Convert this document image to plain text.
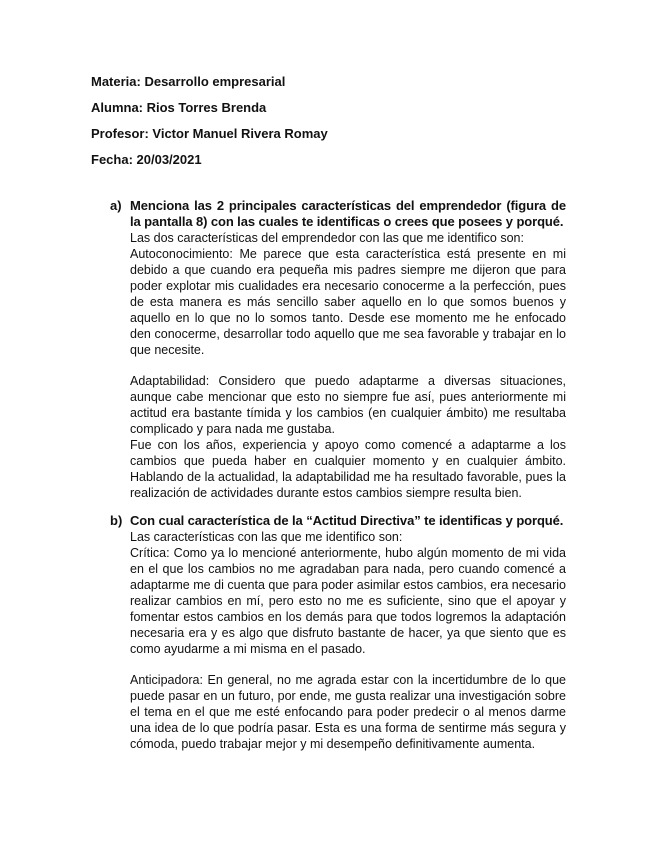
Materia: Desarrollo empresarial
Alumna: Rios Torres Brenda
Profesor: Victor Manuel Rivera Romay
Fecha: 20/03/2021
a) Menciona las 2 principales características del emprendedor (figura de la pantalla 8) con las cuales te identificas o crees que posees y porqué.

Las dos características del emprendedor con las que me identifico son:

Autoconocimiento: Me parece que esta característica está presente en mi debido a que cuando era pequeña mis padres siempre me dijeron que para poder explotar mis cualidades era necesario conocerme a la perfección, pues de esta manera es más sencillo saber aquello en lo que somos buenos y aquello en lo que no lo somos tanto. Desde ese momento me he enfocado den conocerme, desarrollar todo aquello que me sea favorable y trabajar en lo que necesite.

Adaptabilidad: Considero que puedo adaptarme a diversas situaciones, aunque cabe mencionar que esto no siempre fue así, pues anteriormente mi actitud era bastante tímida y los cambios (en cualquier ámbito) me resultaba complicado y para nada me gustaba.

Fue con los años, experiencia y apoyo como comencé a adaptarme a los cambios que pueda haber en cualquier momento y en cualquier ámbito. Hablando de la actualidad, la adaptabilidad me ha resultado favorable, pues la realización de actividades durante estos cambios siempre resulta bien.

b) Con cual característica de la “Actitud Directiva” te identificas y porqué.

Las características con las que me identifico son:

Crítica: Como ya lo mencioné anteriormente, hubo algún momento de mi vida en el que los cambios no me agradaban para nada, pero cuando comencé a adaptarme me di cuenta que para poder asimilar estos cambios, era necesario realizar cambios en mí, pero esto no me es suficiente, sino que el apoyar y fomentar estos cambios en los demás para que todos logremos la adaptación necesaria era y es algo que disfruto bastante de hacer, ya que siento que es como ayudarme a mi misma en el pasado.

Anticipadora: En general, no me agrada estar con la incertidumbre de lo que puede pasar en un futuro, por ende, me gusta realizar una investigación sobre el tema en el que me esté enfocando para poder predecir o al menos darme una idea de lo que podría pasar. Esta es una forma de sentirme más segura y cómoda, puedo trabajar mejor y mi desempeño definitivamente aumenta.
